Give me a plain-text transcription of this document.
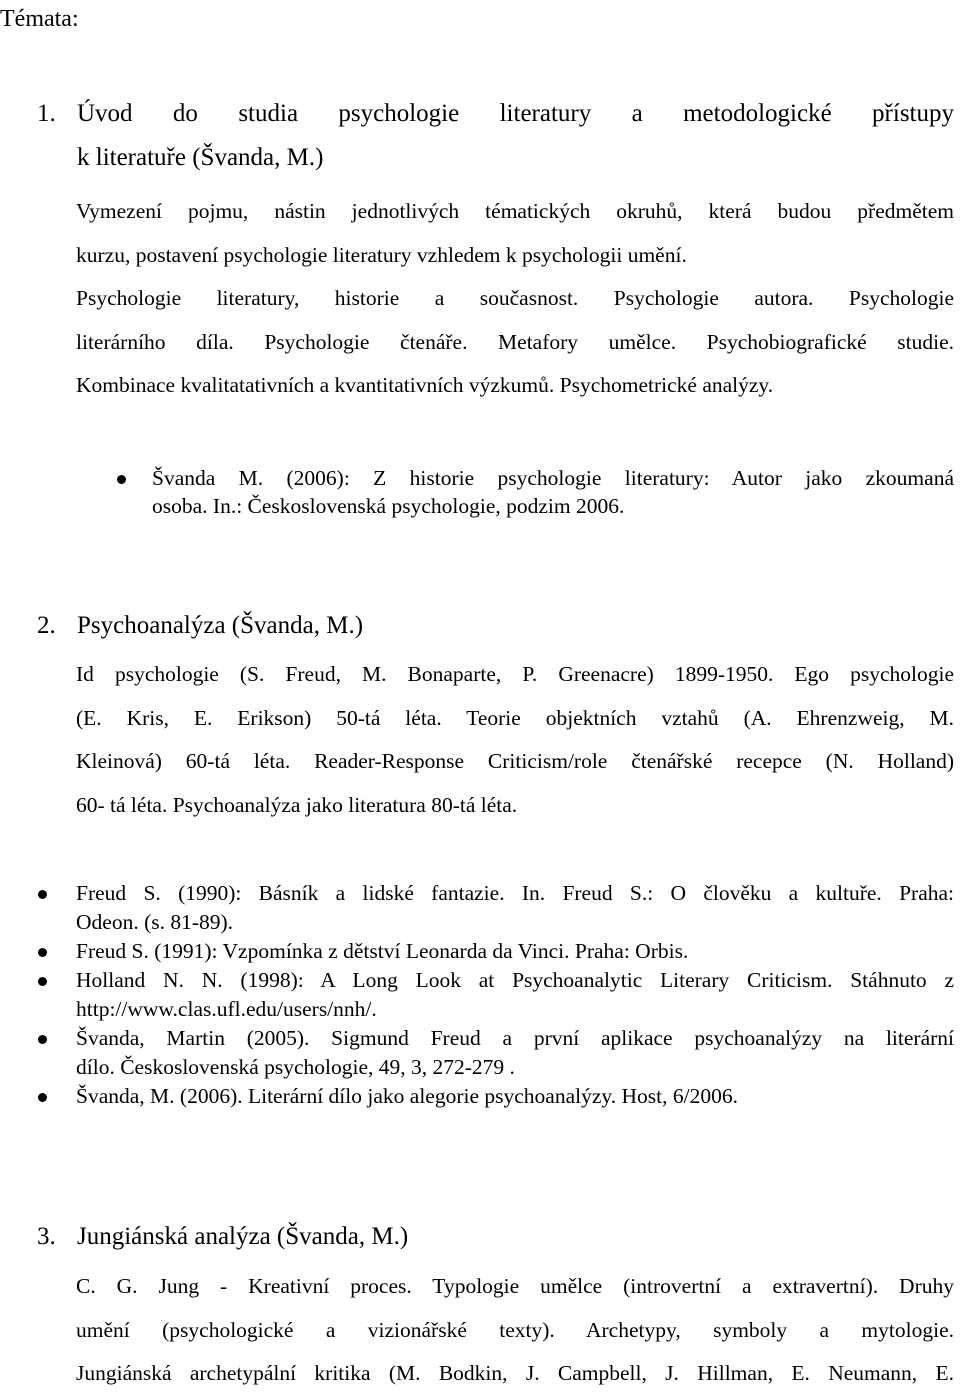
Témata:
1. Úvod do studia psychologie literatury a metodologické přístupy
k literatuře (Švanda, M.)
Vymezení pojmu, nástin jednotlivých tématických okruhů, která budou předmětem
kurzu, postavení psychologie literatury vzhledem k psychologii umění.
Psychologie literatury, historie a současnost. Psychologie autora. Psychologie
literárního díla. Psychologie čtenáře. Metafory umělce. Psychobiografické studie.
Kombinace kvalitatativních a kvantitativních výzkumů. Psychometrické analýzy.
Švanda M. (2006): Z historie psychologie literatury: Autor jako zkoumaná
osoba. In.: Československá psychologie, podzim 2006.
2. Psychoanalýza (Švanda, M.)
Id psychologie (S. Freud, M. Bonaparte, P. Greenacre) 1899-1950. Ego psychologie
(E. Kris, E. Erikson) 50-tá léta. Teorie objektních vztahů (A. Ehrenzweig, M.
Kleinová) 60-tá léta. Reader-Response Criticism/role čtenářské recepce (N. Holland)
60- tá léta. Psychoanalýza jako literatura 80-tá léta.
Freud S. (1990): Básník a lidské fantazie. In. Freud S.: O člověku a kultuře. Praha:
Odeon. (s. 81-89).
Freud S. (1991): Vzpomínka z dětství Leonarda da Vinci. Praha: Orbis.
Holland N. N. (1998): A Long Look at Psychoanalytic Literary Criticism. Stáhnuto z
http://www.clas.ufl.edu/users/nnh/.
Švanda, Martin (2005). Sigmund Freud a první aplikace psychoanalýzy na literární
dílo. Československá psychologie, 49, 3, 272-279 .
Švanda, M. (2006). Literární dílo jako alegorie psychoanalýzy. Host, 6/2006.
3. Jungiánská analýza (Švanda, M.)
C. G. Jung - Kreativní proces. Typologie umělce (introvertní a extravertní). Druhy
umění (psychologické a vizionářské texty). Archetypy, symboly a mytologie.
Jungiánská archetypální kritika (M. Bodkin, J. Campbell, J. Hillman, E. Neumann, E.
